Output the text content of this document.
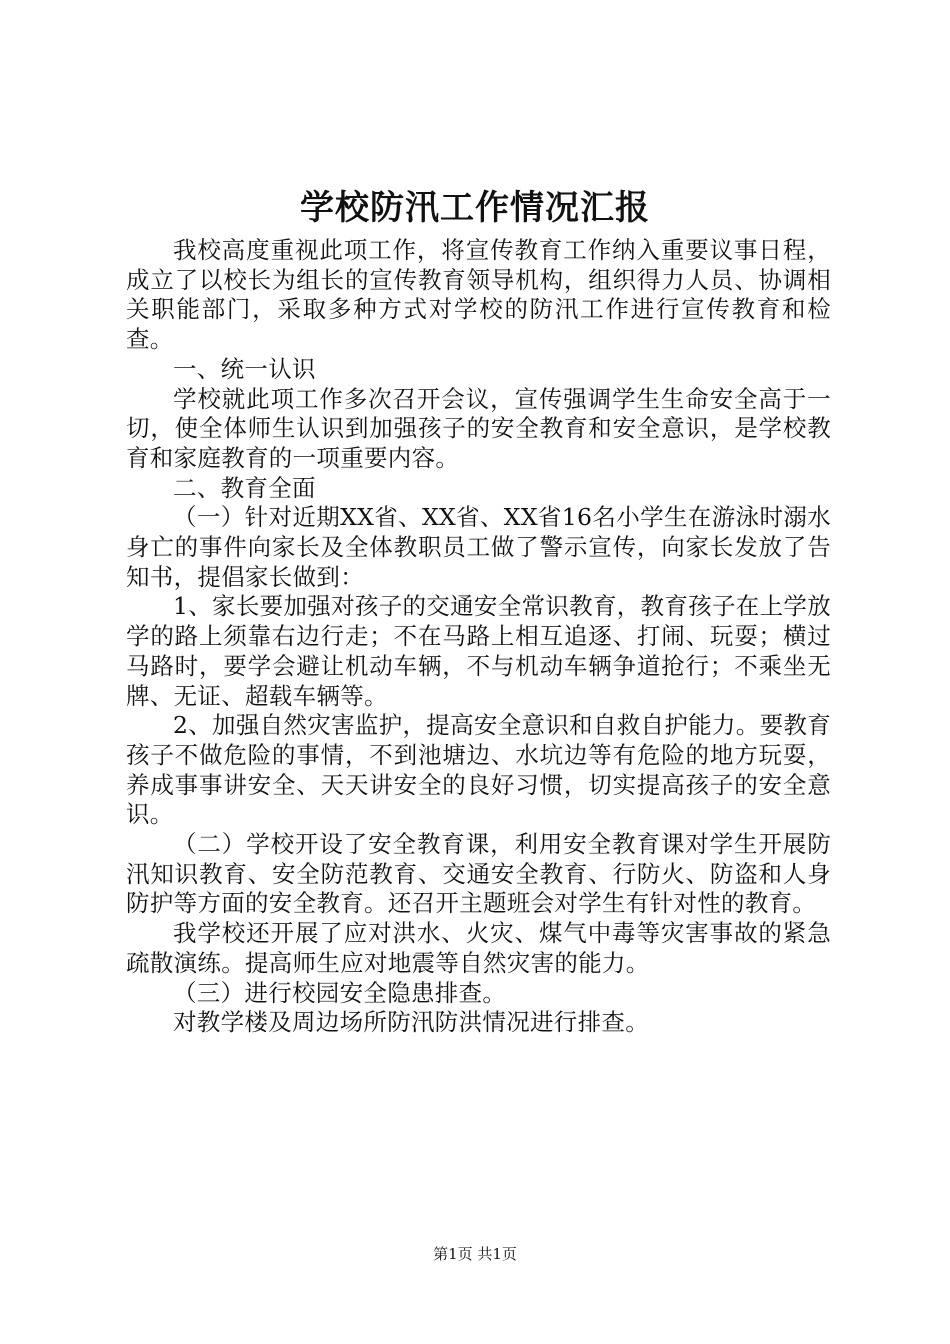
学校防汛工作情况汇报

我校高度重视此项工作，将宣传教育工作纳入重要议事日程，成立了以校长为组长的宣传教育领导机构，组织得力人员、协调相关职能部门，采取多种方式对学校的防汛工作进行宣传教育和检查。

一、统一认识

学校就此项工作多次召开会议，宣传强调学生生命安全高于一切，使全体师生认识到加强孩子的安全教育和安全意识，是学校教育和家庭教育的一项重要内容。

二、教育全面

（一）针对近期XX省、XX省、XX省16名小学生在游泳时溺水身亡的事件向家长及全体教职员工做了警示宣传，向家长发放了告知书，提倡家长做到：

1、家长要加强对孩子的交通安全常识教育，教育孩子在上学放学的路上须靠右边行走；不在马路上相互追逐、打闹、玩耍；横过马路时，要学会避让机动车辆，不与机动车辆争道抢行；不乘坐无牌、无证、超载车辆等。

2、加强自然灾害监护，提高安全意识和自救自护能力。要教育孩子不做危险的事情，不到池塘边、水坑边等有危险的地方玩耍，养成事事讲安全、天天讲安全的良好习惯，切实提高孩子的安全意识。

（二）学校开设了安全教育课，利用安全教育课对学生开展防汛知识教育、安全防范教育、交通安全教育、行防火、防盗和人身防护等方面的安全教育。还召开主题班会对学生有针对性的教育。

我学校还开展了应对洪水、火灾、煤气中毒等灾害事故的紧急疏散演练。提高师生应对地震等自然灾害的能力。

（三）进行校园安全隐患排查。

对教学楼及周边场所防汛防洪情况进行排查。

第1页 共1页
